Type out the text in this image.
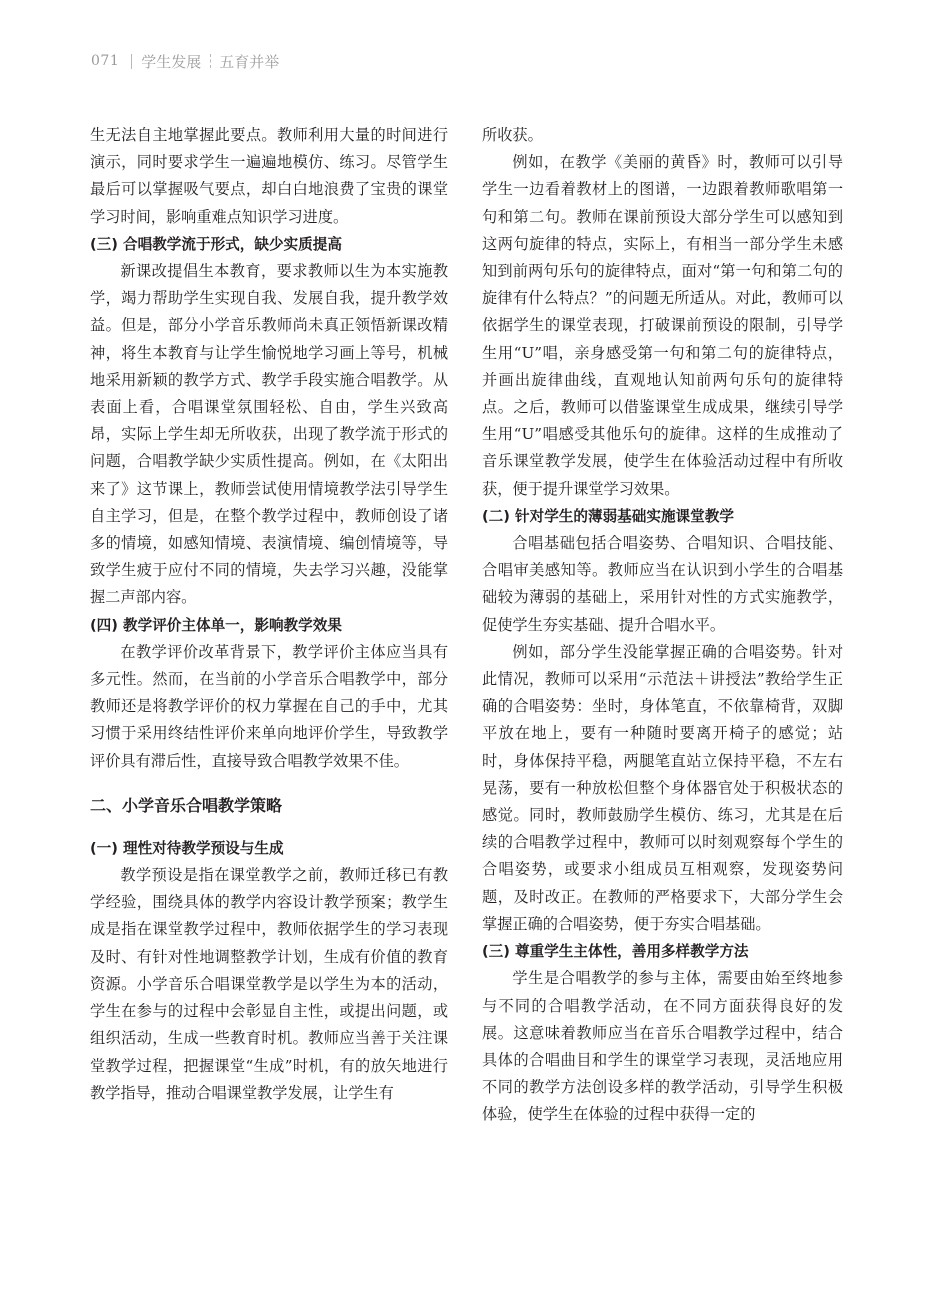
071 学生发展 五育并举

生无法自主地掌握此要点。教师利用大量的时间进行演示，同时要求学生一遍遍地模仿、练习。尽管学生最后可以掌握吸气要点，却白白地浪费了宝贵的课堂学习时间，影响重难点知识学习进度。

(三) 合唱教学流于形式，缺少实质提高

新课改提倡生本教育，要求教师以生为本实施教学，竭力帮助学生实现自我、发展自我，提升教学效益。但是，部分小学音乐教师尚未真正领悟新课改精神，将生本教育与让学生愉悦地学习画上等号，机械地采用新颖的教学方式、教学手段实施合唱教学。从表面上看，合唱课堂氛围轻松、自由，学生兴致高昂，实际上学生却无所收获，出现了教学流于形式的问题，合唱教学缺少实质性提高。例如，在《太阳出来了》这节课上，教师尝试使用情境教学法引导学生自主学习，但是，在整个教学过程中，教师创设了诸多的情境，如感知情境、表演情境、编创情境等，导致学生疲于应付不同的情境，失去学习兴趣，没能掌握二声部内容。

(四) 教学评价主体单一，影响教学效果

在教学评价改革背景下，教学评价主体应当具有多元性。然而，在当前的小学音乐合唱教学中，部分教师还是将教学评价的权力掌握在自己的手中，尤其习惯于采用终结性评价来单向地评价学生，导致教学评价具有滞后性，直接导致合唱教学效果不佳。

二、小学音乐合唱教学策略
(一) 理性对待教学预设与生成

教学预设是指在课堂教学之前，教师迁移已有教学经验，围绕具体的教学内容设计教学预案；教学生成是指在课堂教学过程中，教师依据学生的学习表现及时、有针对性地调整教学计划，生成有价值的教育资源。小学音乐合唱课堂教学是以学生为本的活动，学生在参与的过程中会彰显自主性，或提出问题，或组织活动，生成一些教育时机。教师应当善于关注课堂教学过程，把握课堂“生成”时机，有的放矢地进行教学指导，推动合唱课堂教学发展，让学生有

所收获。

例如，在教学《美丽的黄昏》时，教师可以引导学生一边看着教材上的图谱，一边跟着教师歌唱第一句和第二句。教师在课前预设大部分学生可以感知到这两句旋律的特点，实际上，有相当一部分学生未感知到前两句乐句的旋律特点，面对“第一句和第二句的旋律有什么特点？”的问题无所适从。对此，教师可以依据学生的课堂表现，打破课前预设的限制，引导学生用“U”唱，亲身感受第一句和第二句的旋律特点，并画出旋律曲线，直观地认知前两句乐句的旋律特点。之后，教师可以借鉴课堂生成成果，继续引导学生用“U”唱感受其他乐句的旋律。这样的生成推动了音乐课堂教学发展，使学生在体验活动过程中有所收获，便于提升课堂学习效果。

(二) 针对学生的薄弱基础实施课堂教学

合唱基础包括合唱姿势、合唱知识、合唱技能、合唱审美感知等。教师应当在认识到小学生的合唱基础较为薄弱的基础上，采用针对性的方式实施教学，促使学生夯实基础、提升合唱水平。

例如，部分学生没能掌握正确的合唱姿势。针对此情况，教师可以采用“示范法＋讲授法”教给学生正确的合唱姿势：坐时，身体笔直，不依靠椅背，双脚平放在地上，要有一种随时要离开椅子的感觉；站时，身体保持平稳，两腿笔直站立保持平稳，不左右晃荡，要有一种放松但整个身体器官处于积极状态的感觉。同时，教师鼓励学生模仿、练习，尤其是在后续的合唱教学过程中，教师可以时刻观察每个学生的合唱姿势，或要求小组成员互相观察，发现姿势问题，及时改正。在教师的严格要求下，大部分学生会掌握正确的合唱姿势，便于夯实合唱基础。

(三) 尊重学生主体性，善用多样教学方法

学生是合唱教学的参与主体，需要由始至终地参与不同的合唱教学活动，在不同方面获得良好的发展。这意味着教师应当在音乐合唱教学过程中，结合具体的合唱曲目和学生的课堂学习表现，灵活地应用不同的教学方法创设多样的教学活动，引导学生积极体验，使学生在体验的过程中获得一定的
